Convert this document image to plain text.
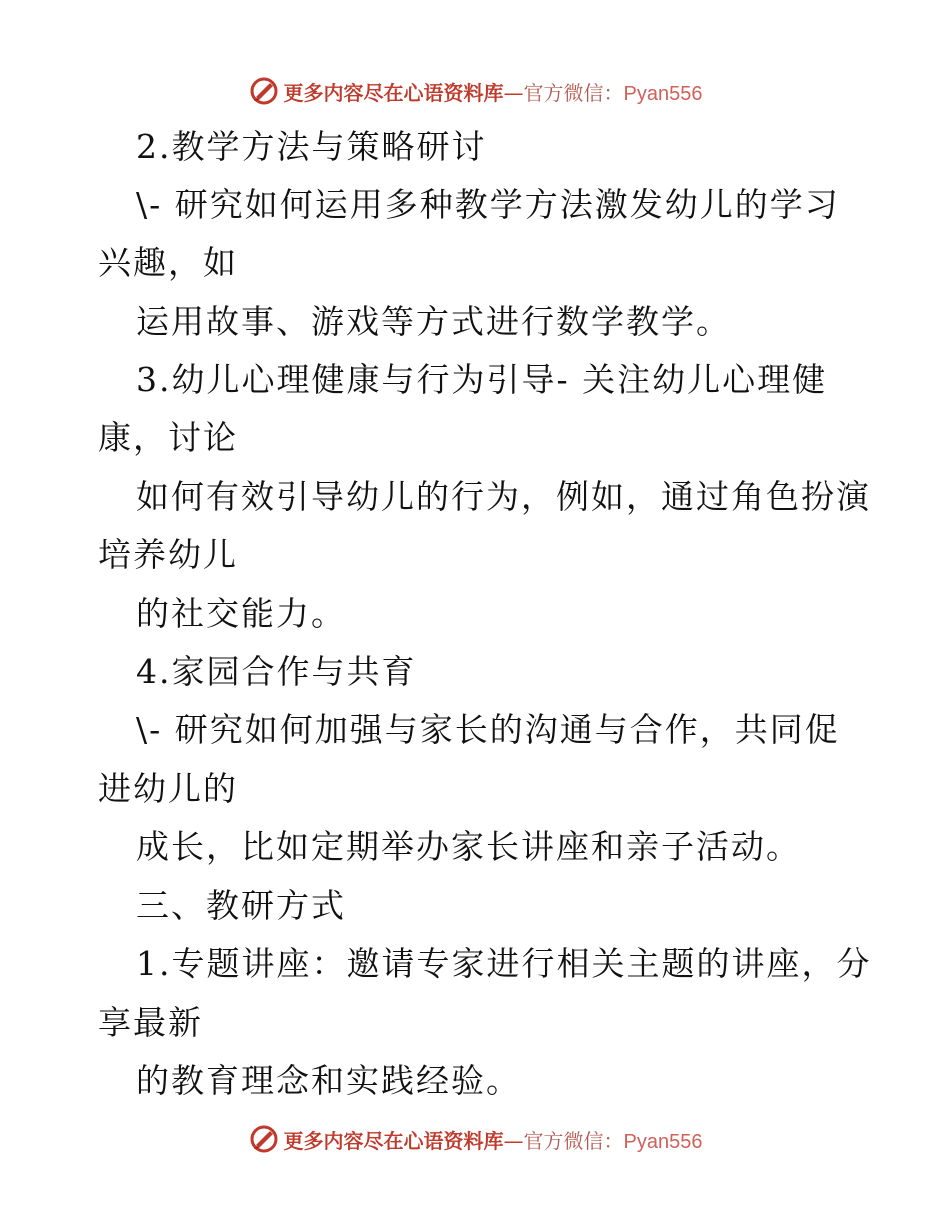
更多内容尽在心语资料库—官方微信：Pyan556
2.教学方法与策略研讨
\- 研究如何运用多种教学方法激发幼儿的学习
兴趣，如
运用故事、游戏等方式进行数学教学。
3.幼儿心理健康与行为引导- 关注幼儿心理健
康，讨论
如何有效引导幼儿的行为，例如，通过角色扮演
培养幼儿
的社交能力。
4.家园合作与共育
\- 研究如何加强与家长的沟通与合作，共同促
进幼儿的
成长，比如定期举办家长讲座和亲子活动。
三、教研方式
1.专题讲座：邀请专家进行相关主题的讲座，分
享最新
的教育理念和实践经验。
更多内容尽在心语资料库—官方微信：Pyan556
